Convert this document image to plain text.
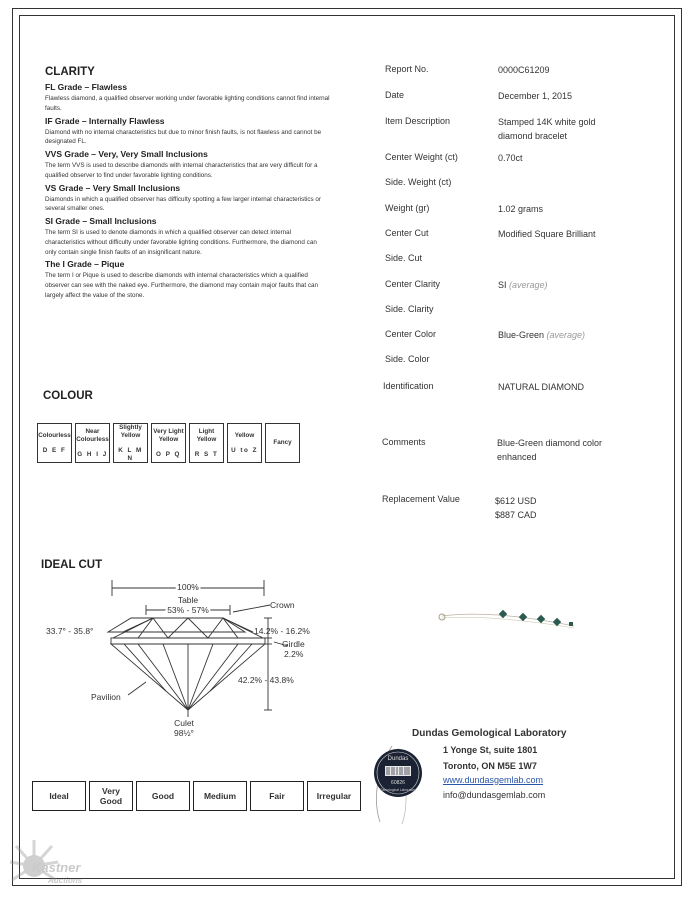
CLARITY
FL Grade – Flawless
Flawless diamond, a qualified observer working under favorable lighting conditions cannot find internal faults.
IF Grade – Internally Flawless
Diamond with no internal characteristics but due to minor finish faults, is not flawless and cannot be designated FL.
VVS Grade – Very, Very Small Inclusions
The term VVS is used to describe diamonds with internal characteristics that are very difficult for a qualified observer to find under favorable lighting conditions.
VS Grade – Very Small Inclusions
Diamonds in which a qualified observer has difficulty spotting a few larger internal characteristics or several smaller ones.
SI Grade – Small Inclusions
The term SI is used to denote diamonds in which a qualified observer can detect internal characteristics without difficulty under favorable lighting conditions. Furthermore, the diamond can only contain single finish faults of an insignificant nature.
The I Grade – Pique
The term I or Pique is used to describe diamonds with internal characteristics which a qualified observer can see with the naked eye. Furthermore, the diamond may contain major faults that can largely affect the value of the stone.
COLOUR
Colourless
D E F
	Near Colourless
G H I J
	Slightly Yellow
K L M N
	Very Light Yellow
O P Q
	Light Yellow
R S T
	Yellow
U to Z
	Fancy
IDEAL CUT
100%
Table
53% - 57%	Crown
33.7° - 35.8°	14.2% - 16.2%
Girdle
2.2%
42.2% - 43.8%
Pavilion
Culet
98½°
Ideal	Very Good	Good	Medium	Fair	Irregular
Report No.	0000C61209
Date	December 1, 2015
Item Description	Stamped 14K white gold diamond bracelet
Center Weight (ct)	0.70ct
Side. Weight (ct)
Weight (gr)	1.02 grams
Center Cut	Modified Square Brilliant
Side. Cut
Center Clarity	SI (average)
Side. Clarity
Center Color	Blue-Green (average)
Side. Color
Identification	NATURAL DIAMOND
Comments	Blue-Green diamond color enhanced
Replacement Value	$612 USD
$887 CAD
Dundas
60826
Gemological Laboratory
Dundas Gemological Laboratory
1 Yonge St, suite 1801
Toronto, ON M5E 1W7
www.dundasgemlab.com
info@dundasgemlab.com
Kastner
Auctions
